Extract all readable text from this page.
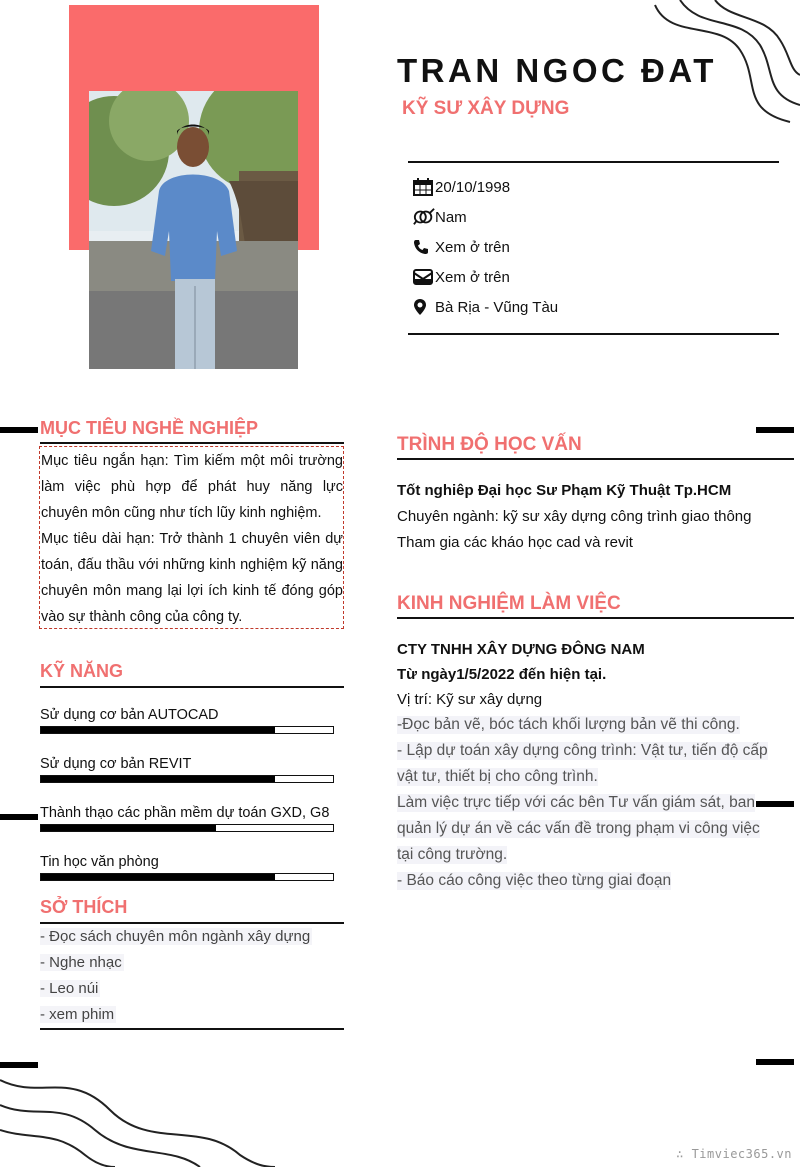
TRAN NGOC ĐAT
KỸ SƯ XÂY DỰNG
20/10/1998
Nam
Xem ở trên
Xem ở trên
Bà Rịa - Vũng Tàu
MỤC TIÊU NGHỀ NGHIỆP

Mục tiêu ngắn hạn: Tìm kiếm một môi trường làm việc phù hợp để phát huy năng lực chuyên môn cũng như tích lũy kinh nghiệm.

Mục tiêu dài hạn: Trở thành 1 chuyên viên dự toán, đấu thầu với những kinh nghiệm kỹ năng chuyên môn mang lại lợi ích kinh tế đóng góp vào sự thành công của công ty.

KỸ NĂNG
Sử dụng cơ bản AUTOCAD
Sử dụng cơ bản REVIT
Thành thạo các phần mềm dự toán GXD, G8
Tin học văn phòng
SỞ THÍCH
- Đọc sách chuyên môn ngành xây dựng
- Nghe nhạc
- Leo núi
- xem phim
TRÌNH ĐỘ HỌC VẤN
Tốt nghiêp Đại học Sư Phạm Kỹ Thuật Tp.HCM
Chuyên ngành: kỹ sư xây dựng công trình giao thông
Tham gia các kháo học cad và revit
KINH NGHIỆM LÀM VIỆC
CTY TNHH XÂY DỰNG ĐÔNG NAM
Từ ngày1/5/2022 đến hiện tại.
Vị trí: Kỹ sư xây dựng
-Đọc bản vẽ, bóc tách khối lượng bản vẽ thi công.
- Lập dự toán xây dựng công trình: Vật tư, tiến độ cấp
vật tư, thiết bị cho công trình.
Làm việc trực tiếp với các bên Tư vấn giám sát, ban
quản lý dự án về các vấn đề trong phạm vi công việc
tại công trường.
- Báo cáo công việc theo từng giai đoạn
∴ Timviec365.vn
